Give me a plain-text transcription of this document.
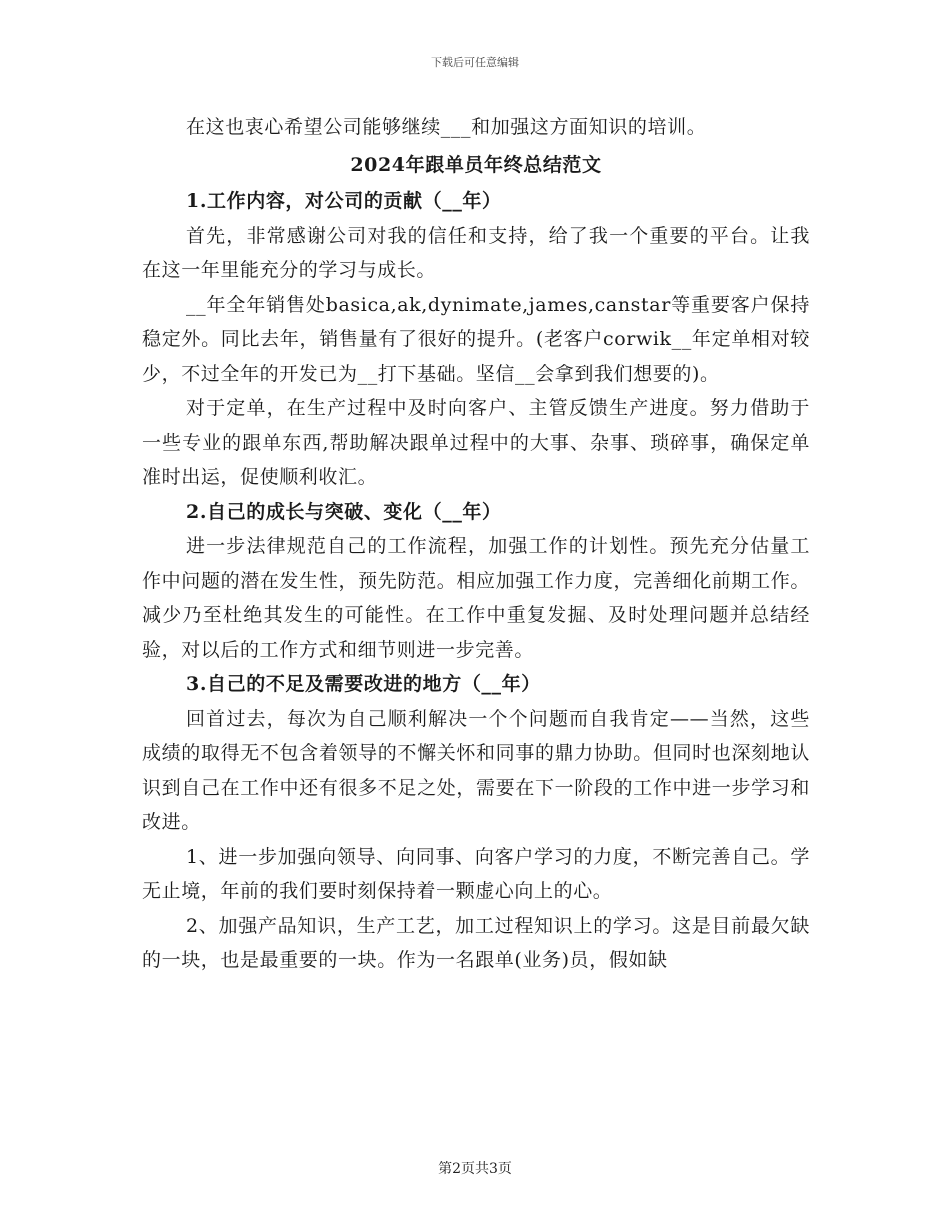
下载后可任意编辑

在这也衷心希望公司能够继续___和加强这方面知识的培训。

2024年跟单员年终总结范文

1.工作内容，对公司的贡献（__年）

首先，非常感谢公司对我的信任和支持，给了我一个重要的平台。让我在这一年里能充分的学习与成长。

__年全年销售处basica,ak,dynimate,james,canstar等重要客户保持稳定外。同比去年，销售量有了很好的提升。(老客户corwik__年定单相对较少，不过全年的开发已为__打下基础。坚信__会拿到我们想要的)。

对于定单，在生产过程中及时向客户、主管反馈生产进度。努力借助于一些专业的跟单东西,帮助解决跟单过程中的大事、杂事、琐碎事，确保定单准时出运，促使顺利收汇。

2.自己的成长与突破、变化（__年）

进一步法律规范自己的工作流程，加强工作的计划性。预先充分估量工作中问题的潜在发生性，预先防范。相应加强工作力度，完善细化前期工作。减少乃至杜绝其发生的可能性。在工作中重复发掘、及时处理问题并总结经验，对以后的工作方式和细节则进一步完善。

3.自己的不足及需要改进的地方（__年）

回首过去，每次为自己顺利解决一个个问题而自我肯定——当然，这些成绩的取得无不包含着领导的不懈关怀和同事的鼎力协助。但同时也深刻地认识到自己在工作中还有很多不足之处，需要在下一阶段的工作中进一步学习和改进。

1、进一步加强向领导、向同事、向客户学习的力度，不断完善自己。学无止境，年前的我们要时刻保持着一颗虚心向上的心。

2、加强产品知识，生产工艺，加工过程知识上的学习。这是目前最欠缺的一块，也是最重要的一块。作为一名跟单(业务)员，假如缺

第2页共3页
